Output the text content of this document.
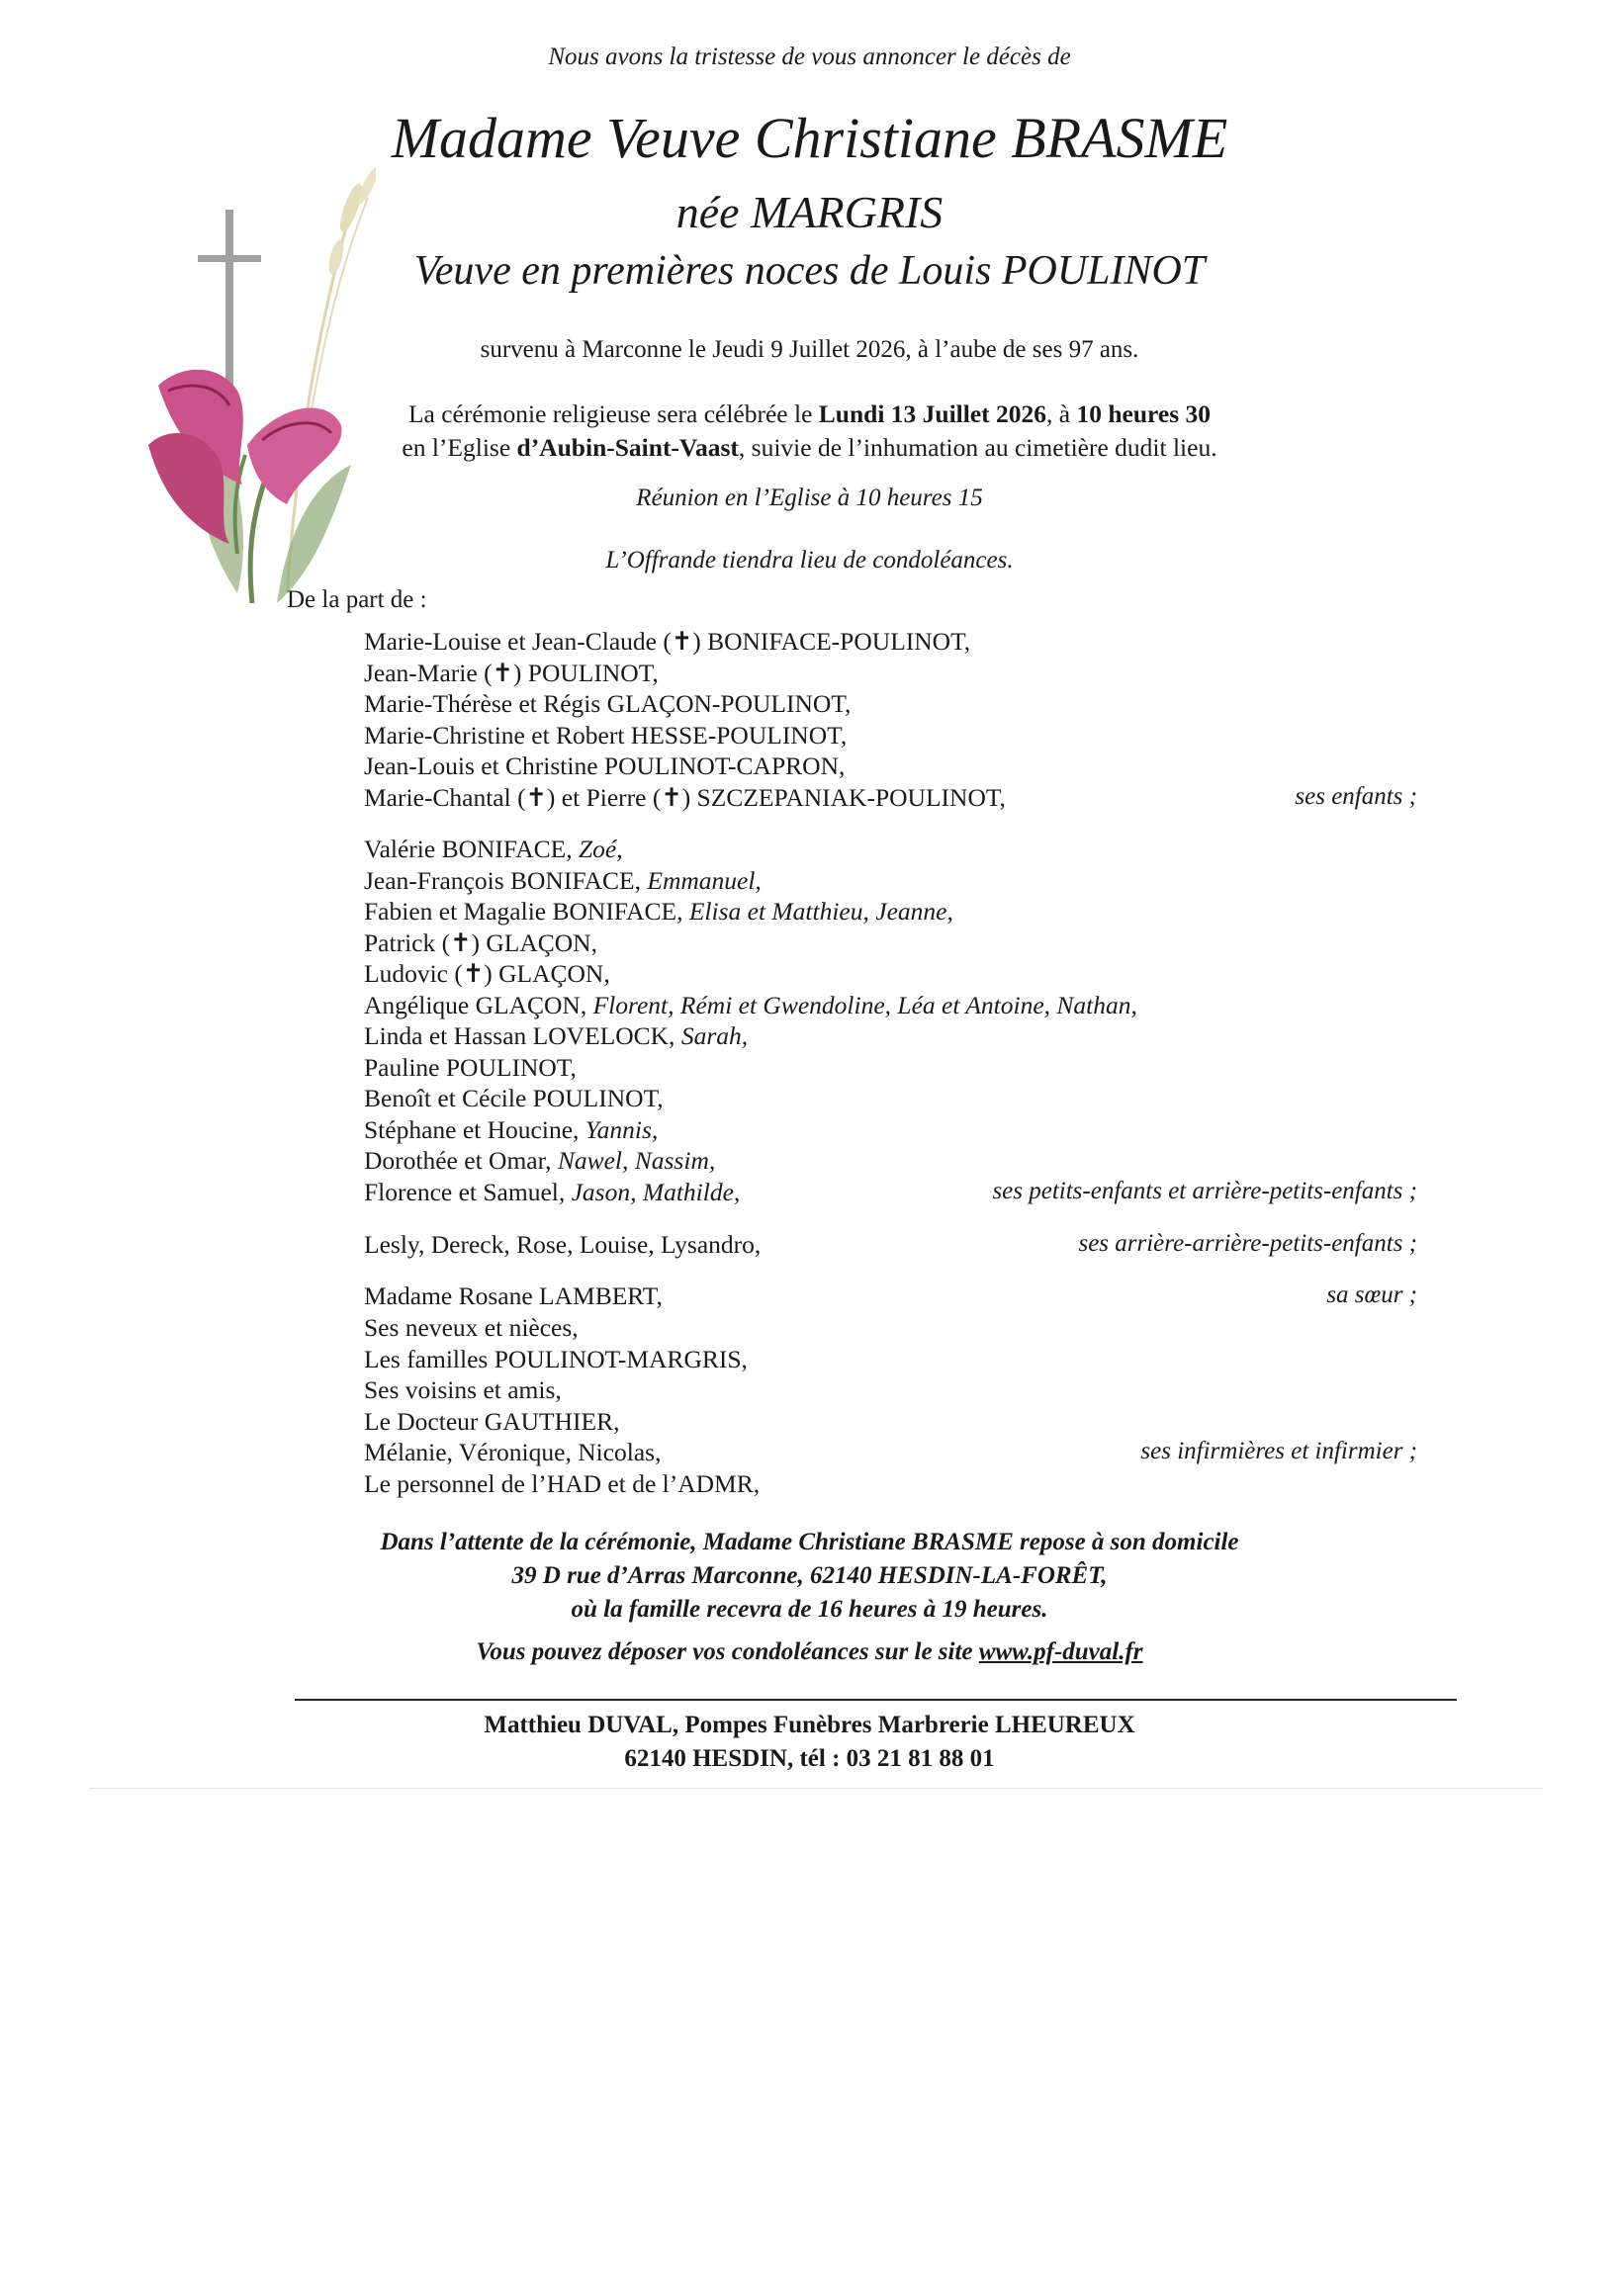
Nous avons la tristesse de vous annoncer le décès de
Madame Veuve Christiane BRASME
née MARGRIS
Veuve en premières noces de Louis POULINOT
survenu à Marconne le Jeudi 9 Juillet 2026, à l’aube de ses 97 ans.
La cérémonie religieuse sera célébrée le Lundi 13 Juillet 2026, à 10 heures 30
en l’Eglise d’Aubin-Saint-Vaast, suivie de l’inhumation au cimetière dudit lieu.
Réunion en l’Eglise à 10 heures 15
L’Offrande tiendra lieu de condoléances.
De la part de :
Marie-Louise et Jean-Claude (✝) BONIFACE-POULINOT,
Jean-Marie (✝) POULINOT,
Marie-Thérèse et Régis GLAÇON-POULINOT,
Marie-Christine et Robert HESSE-POULINOT,
Jean-Louis et Christine POULINOT-CAPRON,
Marie-Chantal (✝) et Pierre (✝) SZCZEPANIAK-POULINOT,	ses enfants ;
Valérie BONIFACE, Zoé,
Jean-François BONIFACE, Emmanuel,
Fabien et Magalie BONIFACE, Elisa et Matthieu, Jeanne,
Patrick (✝) GLAÇON,
Ludovic (✝) GLAÇON,
Angélique GLAÇON, Florent, Rémi et Gwendoline, Léa et Antoine, Nathan,
Linda et Hassan LOVELOCK, Sarah,
Pauline POULINOT,
Benoît et Cécile POULINOT,
Stéphane et Houcine, Yannis,
Dorothée et Omar, Nawel, Nassim,
Florence et Samuel, Jason, Mathilde,	ses petits-enfants et arrière-petits-enfants ;
Lesly, Dereck, Rose, Louise, Lysandro,	ses arrière-arrière-petits-enfants ;
Madame Rosane LAMBERT,	sa sœur ;
Ses neveux et nièces,
Les familles POULINOT-MARGRIS,
Ses voisins et amis,
Le Docteur GAUTHIER,
Mélanie, Véronique, Nicolas,
Le personnel de l’HAD et de l’ADMR,
ses infirmières et infirmier ;
Dans l’attente de la cérémonie, Madame Christiane BRASME repose à son domicile
39 D rue d’Arras Marconne, 62140 HESDIN-LA-FORÊT,
où la famille recevra de 16 heures à 19 heures.
Vous pouvez déposer vos condoléances sur le site www.pf-duval.fr
Matthieu DUVAL, Pompes Funèbres Marbrerie LHEUREUX
62140 HESDIN, tél : 03 21 81 88 01
